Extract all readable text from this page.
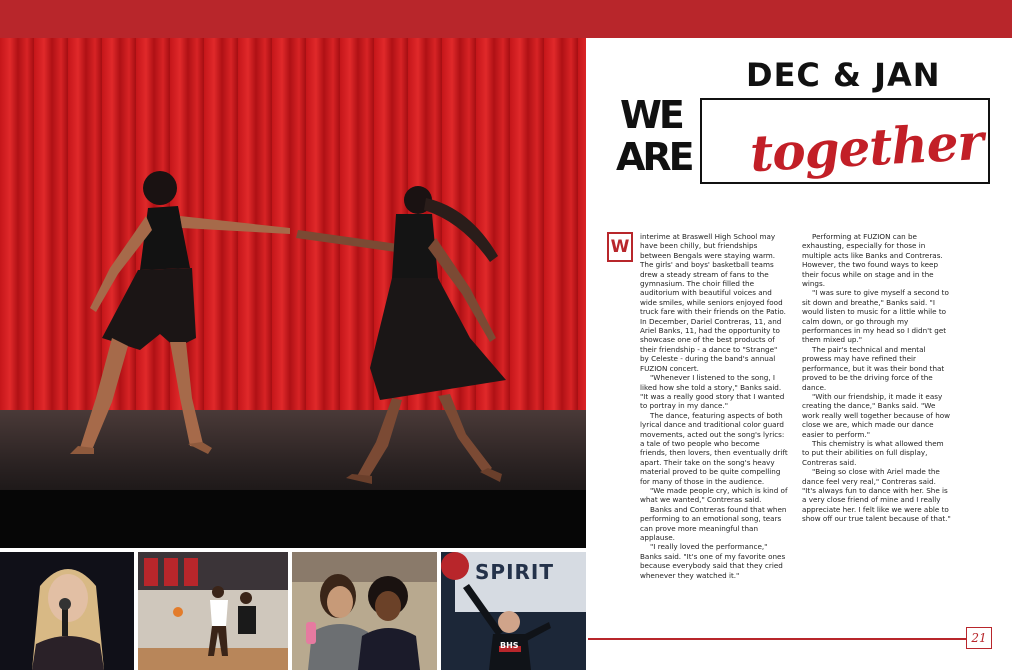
SPIRIT
BHS
DEC & JAN
WE
ARE together
W

interime at Braswell High School may have been chilly, but friendships between Bengals were staying warm. The girls' and boys' basketball teams drew a steady stream of fans to the gymnasium. The choir filled the auditorium with beautiful voices and wide smiles, while seniors enjoyed food truck fare with their friends on the Patio. In December, Dariel Contreras, 11, and Ariel Banks, 11, had the opportunity to showcase one of the best products of their friendship - a dance to "Strange" by Celeste - during the band's annual FUZION concert.

"Whenever I listened to the song, I liked how she told a story," Banks said. "It was a really good story that I wanted to portray in my dance."

The dance, featuring aspects of both lyrical dance and traditional color guard movements, acted out the song's lyrics: a tale of two people who become friends, then lovers, then eventually drift apart. Their take on the song's heavy material proved to be quite compelling for many of those in the audience.

"We made people cry, which is kind of what we wanted," Contreras said.

Banks and Contreras found that when performing to an emotional song, tears can prove more meaningful than applause.

"I really loved the performance," Banks said. "It's one of my favorite ones because everybody said that they cried whenever they watched it."

Performing at FUZION can be exhausting, especially for those in multiple acts like Banks and Contreras. However, the two found ways to keep their focus while on stage and in the wings.

"I was sure to give myself a second to sit down and breathe," Banks said. "I would listen to music for a little while to calm down, or go through my performances in my head so I didn't get them mixed up."

The pair's technical and mental prowess may have refined their performance, but it was their bond that proved to be the driving force of the dance.

"With our friendship, it made it easy creating the dance," Banks said. "We work really well together because of how close we are, which made our dance easier to perform."

This chemistry is what allowed them to put their abilities on full display, Contreras said.

"Being so close with Ariel made the dance feel very real," Contreras said. "It's always fun to dance with her. She is a very close friend of mine and I really appreciate her. I felt like we were able to show off our true talent because of that."

21
